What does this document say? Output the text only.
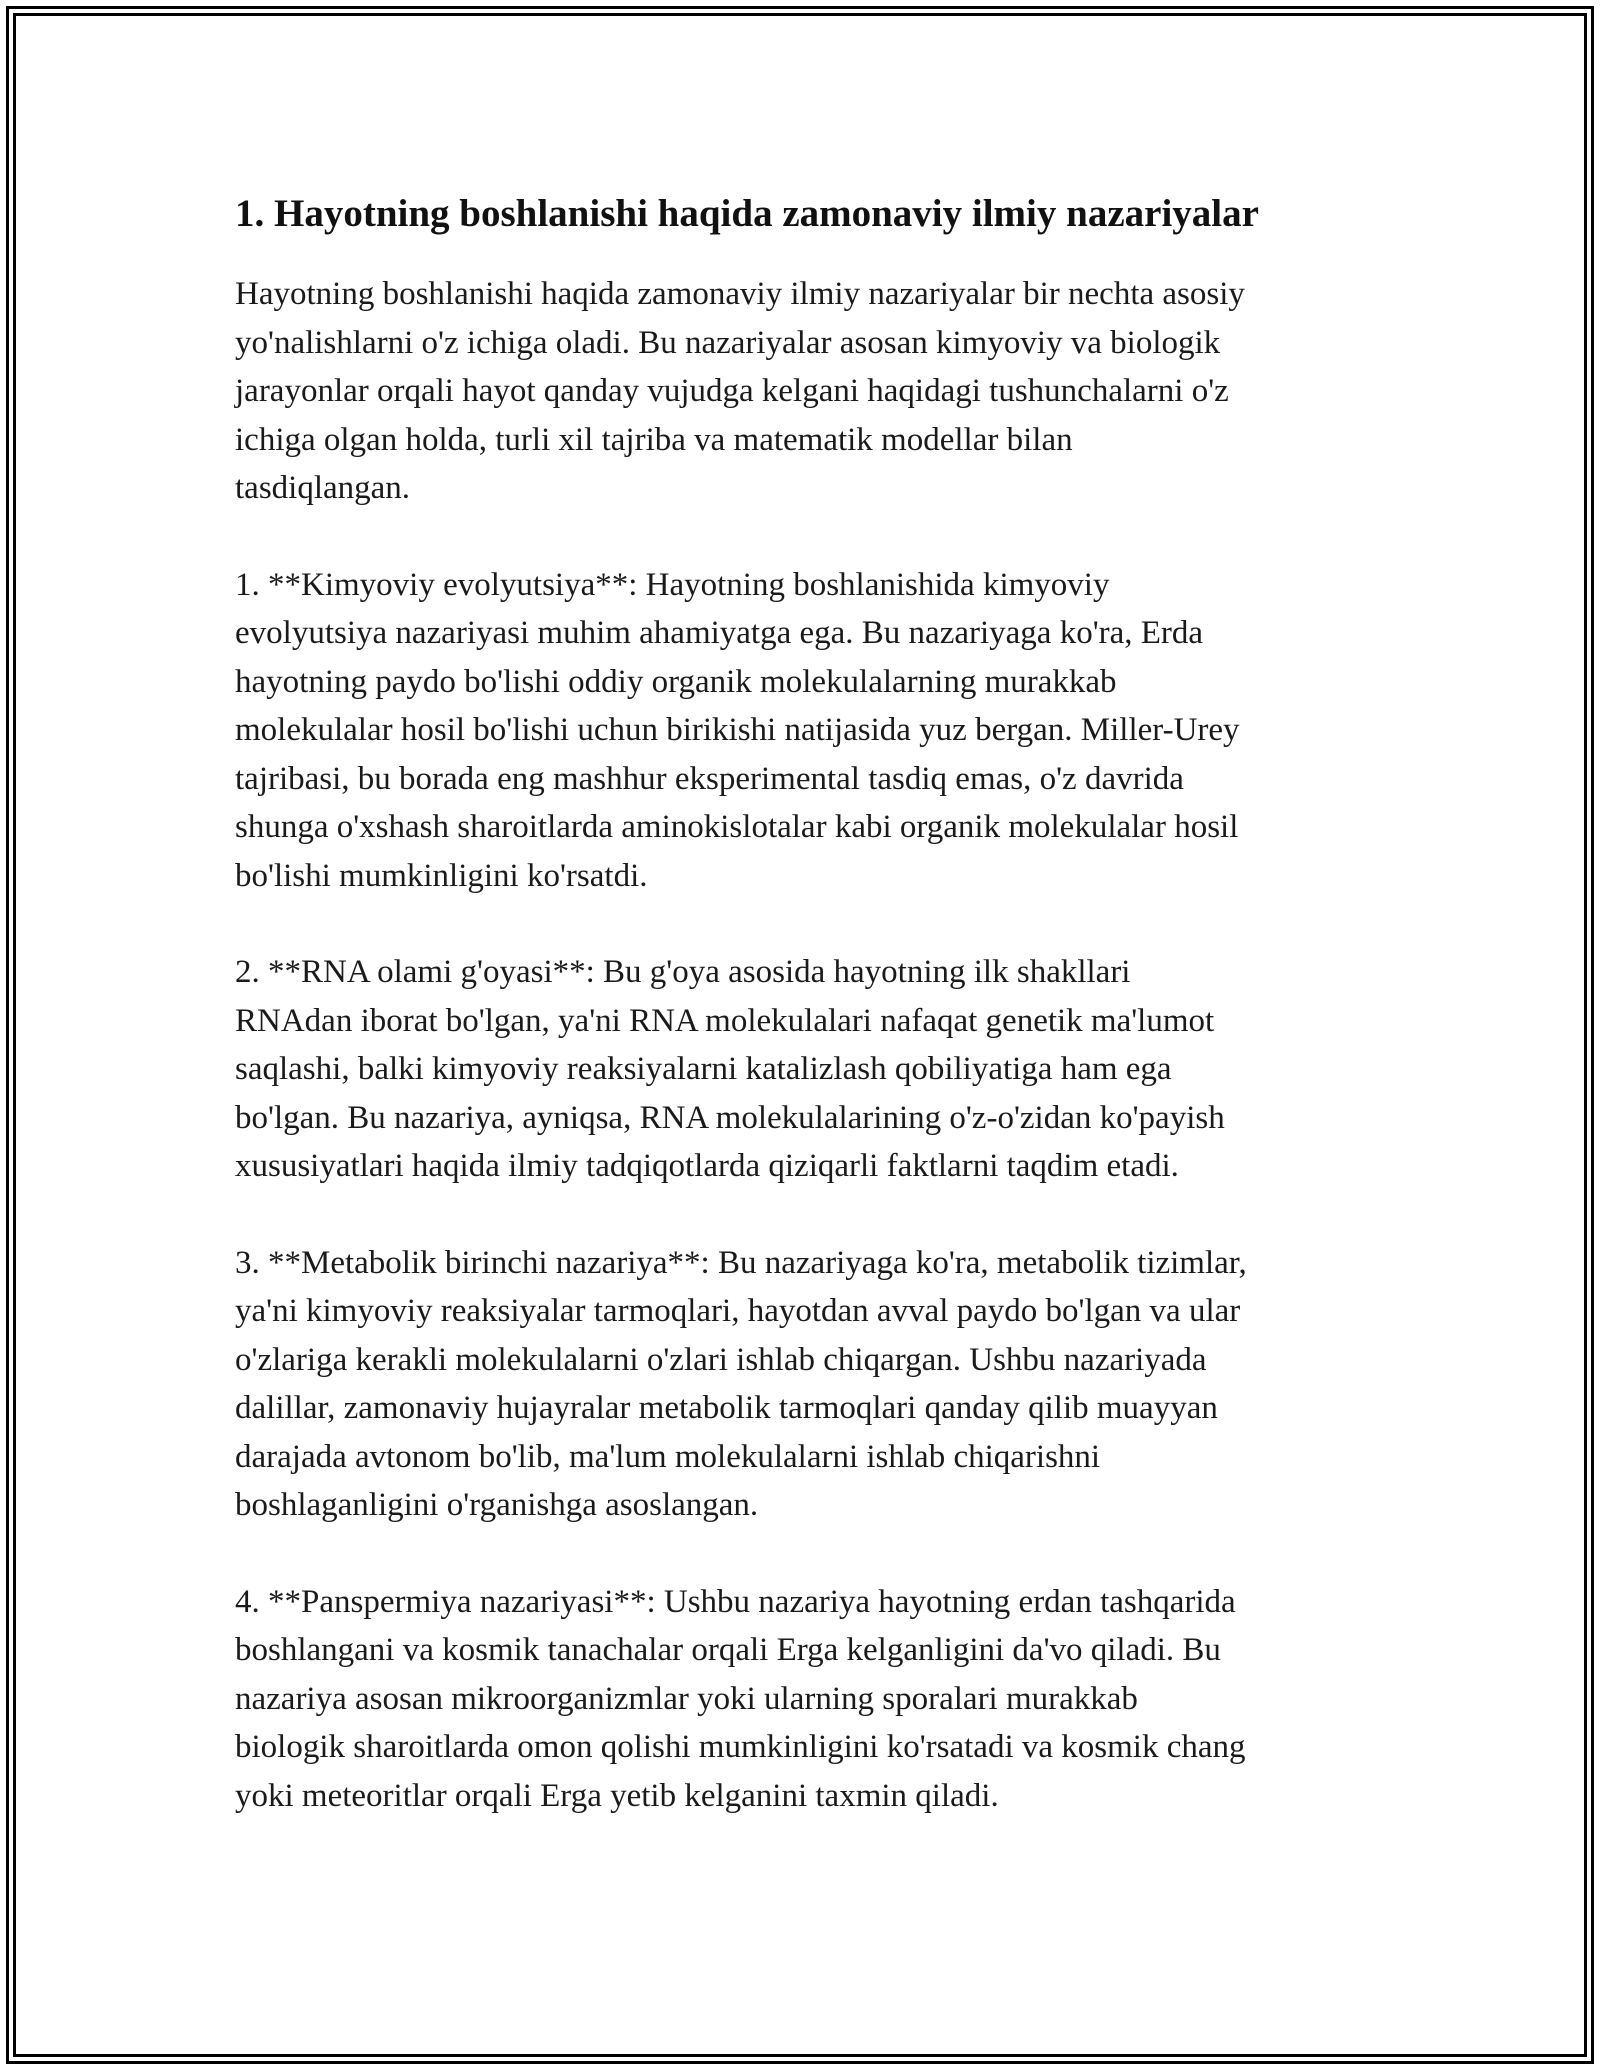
1. Hayotning boshlanishi haqida zamonaviy ilmiy nazariyalar

Hayotning boshlanishi haqida zamonaviy ilmiy nazariyalar bir nechta asosiy
yo'nalishlarni o'z ichiga oladi. Bu nazariyalar asosan kimyoviy va biologik
jarayonlar orqali hayot qanday vujudga kelgani haqidagi tushunchalarni o'z
ichiga olgan holda, turli xil tajriba va matematik modellar bilan
tasdiqlangan.

1. **Kimyoviy evolyutsiya**: Hayotning boshlanishida kimyoviy
evolyutsiya nazariyasi muhim ahamiyatga ega. Bu nazariyaga ko'ra, Erda
hayotning paydo bo'lishi oddiy organik molekulalarning murakkab
molekulalar hosil bo'lishi uchun birikishi natijasida yuz bergan. Miller-Urey
tajribasi, bu borada eng mashhur eksperimental tasdiq emas, o'z davrida
shunga o'xshash sharoitlarda aminokislotalar kabi organik molekulalar hosil
bo'lishi mumkinligini ko'rsatdi.

2. **RNA olami g'oyasi**: Bu g'oya asosida hayotning ilk shakllari
RNAdan iborat bo'lgan, ya'ni RNA molekulalari nafaqat genetik ma'lumot
saqlashi, balki kimyoviy reaksiyalarni katalizlash qobiliyatiga ham ega
bo'lgan. Bu nazariya, ayniqsa, RNA molekulalarining o'z-o'zidan ko'payish
xususiyatlari haqida ilmiy tadqiqotlarda qiziqarli faktlarni taqdim etadi.

3. **Metabolik birinchi nazariya**: Bu nazariyaga ko'ra, metabolik tizimlar,
ya'ni kimyoviy reaksiyalar tarmoqlari, hayotdan avval paydo bo'lgan va ular
o'zlariga kerakli molekulalarni o'zlari ishlab chiqargan. Ushbu nazariyada
dalillar, zamonaviy hujayralar metabolik tarmoqlari qanday qilib muayyan
darajada avtonom bo'lib, ma'lum molekulalarni ishlab chiqarishni
boshlaganligini o'rganishga asoslangan.

4. **Panspermiya nazariyasi**: Ushbu nazariya hayotning erdan tashqarida
boshlangani va kosmik tanachalar orqali Erga kelganligini da'vo qiladi. Bu
nazariya asosan mikroorganizmlar yoki ularning sporalari murakkab
biologik sharoitlarda omon qolishi mumkinligini ko'rsatadi va kosmik chang
yoki meteoritlar orqali Erga yetib kelganini taxmin qiladi.
